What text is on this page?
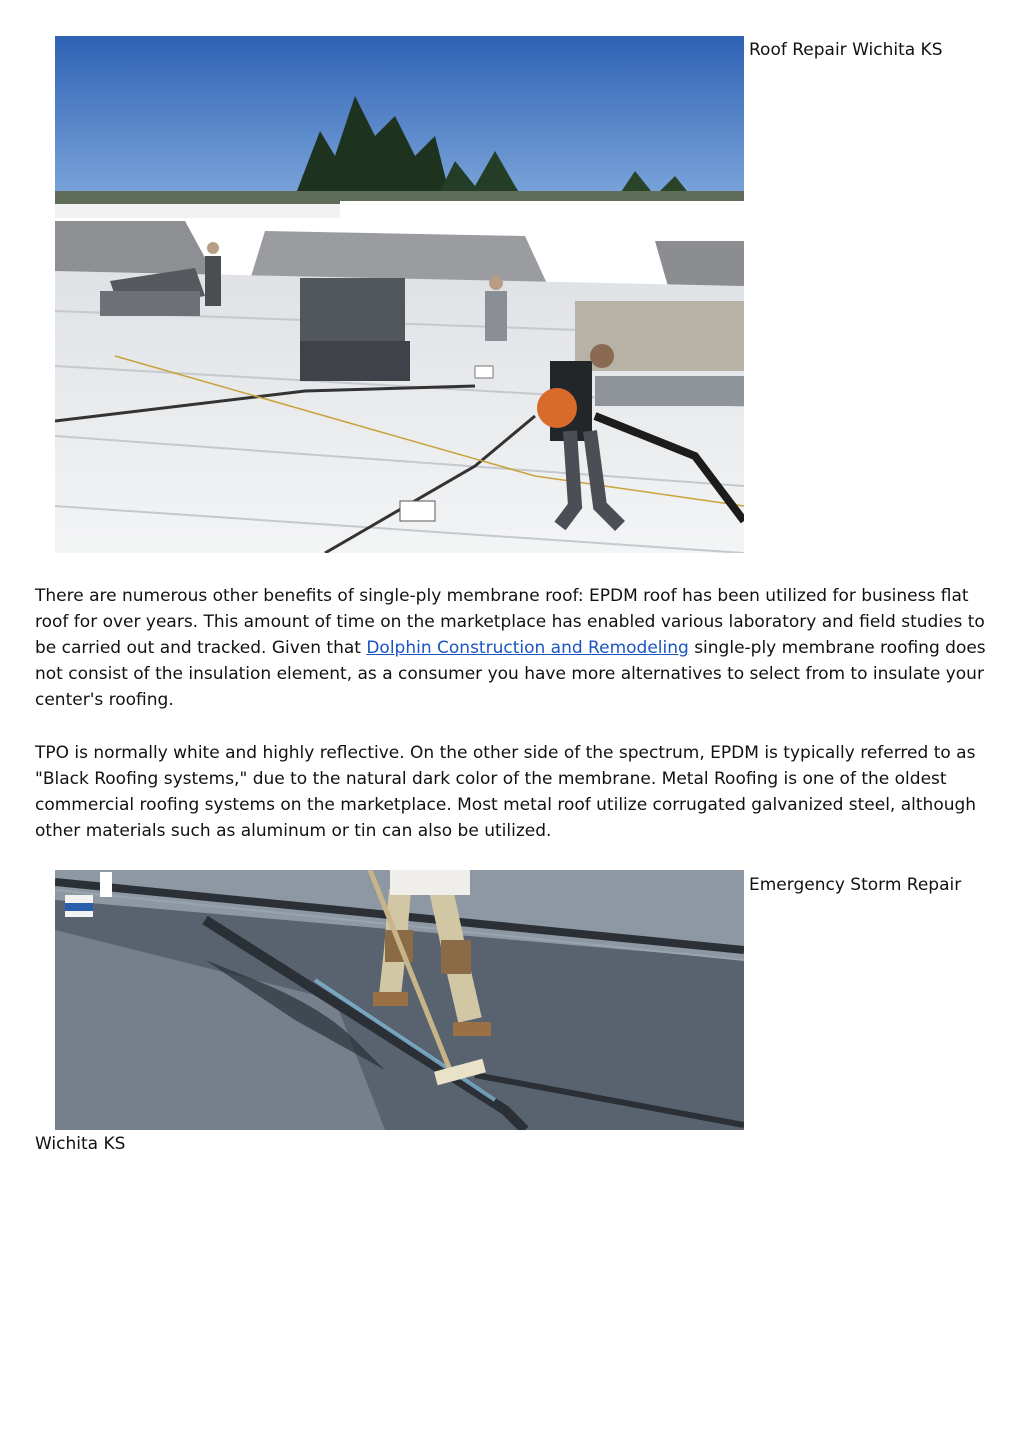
Roof Repair Wichita KS

There are numerous other benefits of single-ply membrane roof: EPDM roof has been utilized for business flat roof for over years. This amount of time on the marketplace has enabled various laboratory and field studies to be carried out and tracked. Given that Dolphin Construction and Remodeling single-ply membrane roofing does not consist of the insulation element, as a consumer you have more alternatives to select from to insulate your center's roofing.

TPO is normally white and highly reflective. On the other side of the spectrum, EPDM is typically referred to as "Black Roofing systems," due to the natural dark color of the membrane. Metal Roofing is one of the oldest commercial roofing systems on the marketplace. Most metal roof utilize corrugated galvanized steel, although other materials such as aluminum or tin can also be utilized.

Emergency Storm Repair
Wichita KS
